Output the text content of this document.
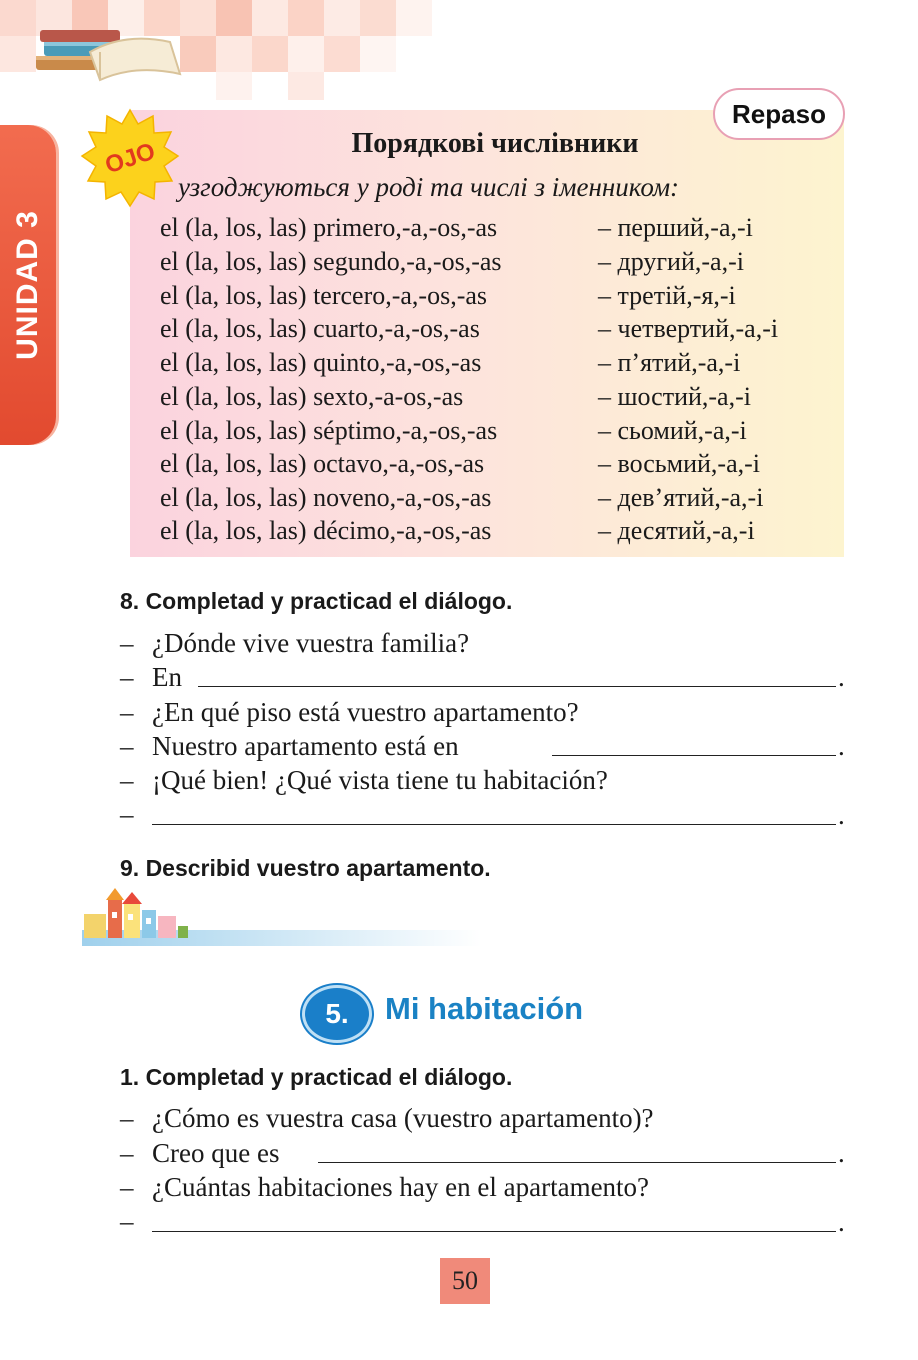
UNIDAD 3
Repaso
OJO	Порядкові числівники
узгоджуються у роді та числі з іменником:
el (la, los, las) primero,-a,-os,-as	– перший,-а,-і
el (la, los, las) segundo,-a,-os,-as	– другий,-а,-і
el (la, los, las) tercero,-a,-os,-as	– третій,-я,-і
el (la, los, las) cuarto,-a,-os,-as	– четвертий,-а,-і
el (la, los, las) quinto,-a,-os,-as	– п’ятий,-а,-і
el (la, los, las) sexto,-a-os,-as	– шостий,-а,-і
el (la, los, las) séptimo,-a,-os,-as	– сьомий,-а,-і
el (la, los, las) octavo,-a,-os,-as	– восьмий,-а,-і
el (la, los, las) noveno,-a,-os,-as	– дев’ятий,-а,-і
el (la, los, las) décimo,-a,-os,-as	– десятий,-а,-і
8. Completad y practicad el diálogo.
– ¿Dónde vive vuestra familia?
– En	.
– ¿En qué piso está vuestro apartamento?
– Nuestro apartamento está en	.
– ¡Qué bien! ¿Qué vista tiene tu habitación?
–	.
9. Describid vuestro apartamento.
5.	Mi habitación
1. Completad y practicad el diálogo.
– ¿Cómo es vuestra casa (vuestro apartamento)?
– Creo que es	.
– ¿Cuántas habitaciones hay en el apartamento?
–	.
50
